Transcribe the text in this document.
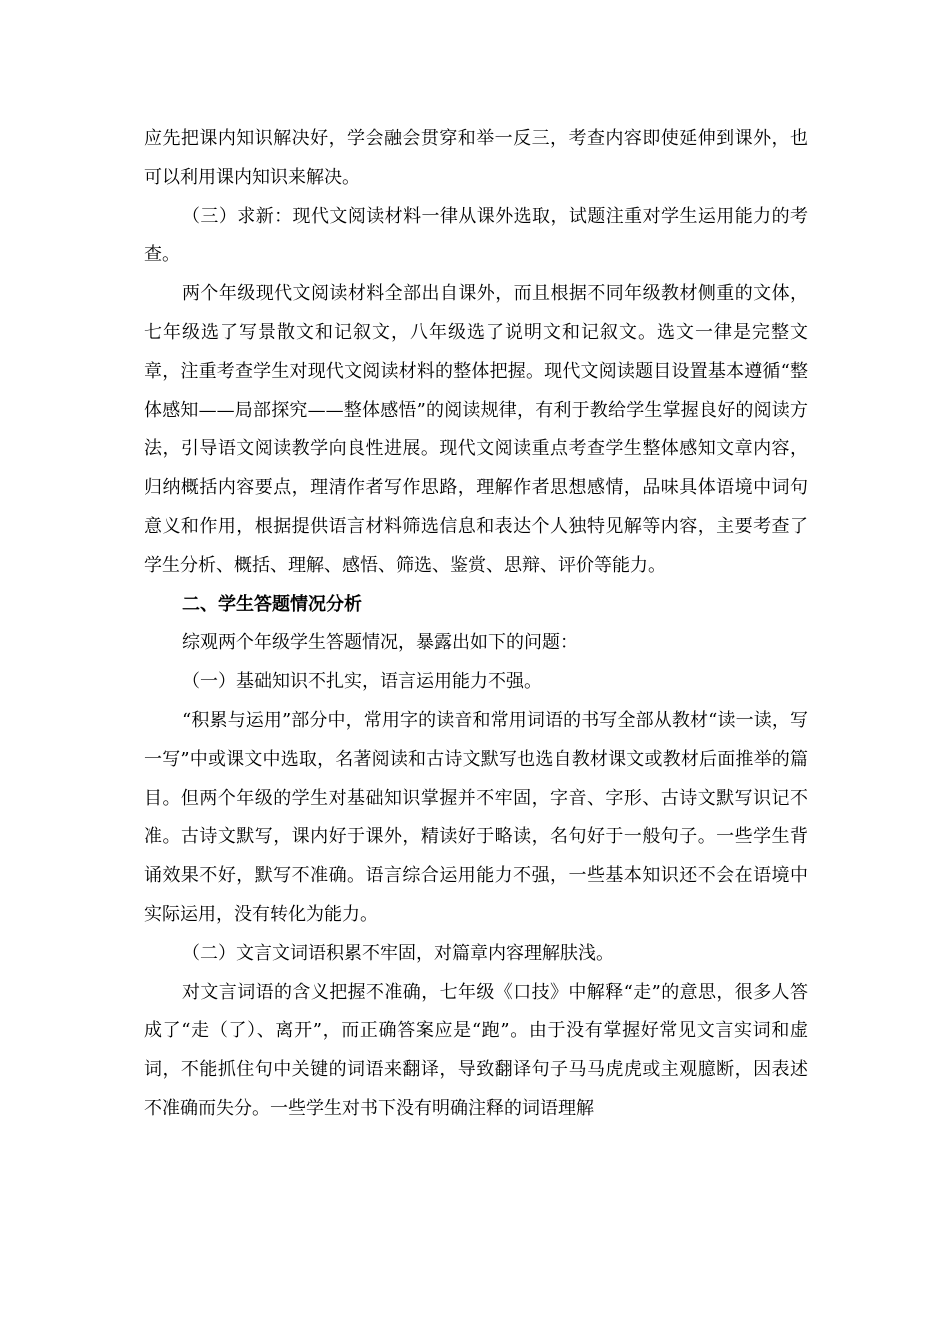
应先把课内知识解决好，学会融会贯穿和举一反三，考查内容即使延伸到课外，也可以利用课内知识来解决。

（三）求新：现代文阅读材料一律从课外选取，试题注重对学生运用能力的考查。

两个年级现代文阅读材料全部出自课外，而且根据不同年级教材侧重的文体，七年级选了写景散文和记叙文，八年级选了说明文和记叙文。选文一律是完整文章，注重考查学生对现代文阅读材料的整体把握。现代文阅读题目设置基本遵循“整体感知——局部探究——整体感悟”的阅读规律，有利于教给学生掌握良好的阅读方法，引导语文阅读教学向良性进展。现代文阅读重点考查学生整体感知文章内容，归纳概括内容要点，理清作者写作思路，理解作者思想感情，品味具体语境中词句意义和作用，根据提供语言材料筛选信息和表达个人独特见解等内容，主要考查了学生分析、概括、理解、感悟、筛选、鉴赏、思辩、评价等能力。

二、学生答题情况分析

综观两个年级学生答题情况，暴露出如下的问题：

（一）基础知识不扎实，语言运用能力不强。

“积累与运用”部分中，常用字的读音和常用词语的书写全部从教材“读一读，写一写”中或课文中选取，名著阅读和古诗文默写也选自教材课文或教材后面推举的篇目。但两个年级的学生对基础知识掌握并不牢固，字音、字形、古诗文默写识记不准。古诗文默写，课内好于课外，精读好于略读，名句好于一般句子。一些学生背诵效果不好，默写不准确。语言综合运用能力不强，一些基本知识还不会在语境中实际运用，没有转化为能力。

（二）文言文词语积累不牢固，对篇章内容理解肤浅。

对文言词语的含义把握不准确，七年级《口技》中解释“走”的意思，很多人答成了“走（了）、离开”，而正确答案应是“跑”。由于没有掌握好常见文言实词和虚词，不能抓住句中关键的词语来翻译，导致翻译句子马马虎虎或主观臆断，因表述不准确而失分。一些学生对书下没有明确注释的词语理解
